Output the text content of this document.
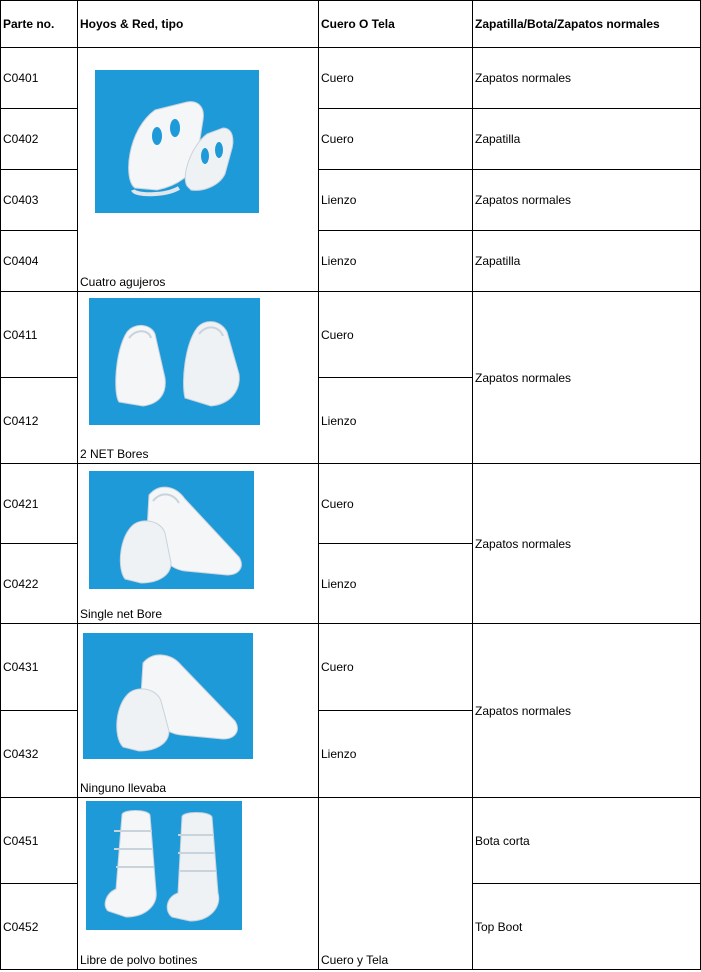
Parte no.	Hoyos & Red, tipo	Cuero O Tela	Zapatilla/Bota/Zapatos normales
C0401	Cuatro agujeros	Cuero	Zapatos normales
C0402		Cuero	Zapatilla
C0403		Lienzo	Zapatos normales
C0404		Lienzo	Zapatilla
C0411	2 NET Bores	Cuero	Zapatos normales
C0412		Lienzo	
C0421	Single net Bore	Cuero	Zapatos normales
C0422		Lienzo	
C0431	Ninguno llevaba	Cuero	Zapatos normales
C0432		Lienzo	
C0451	Libre de polvo botines	Cuero y Tela	Bota corta
C0452			Top Boot
